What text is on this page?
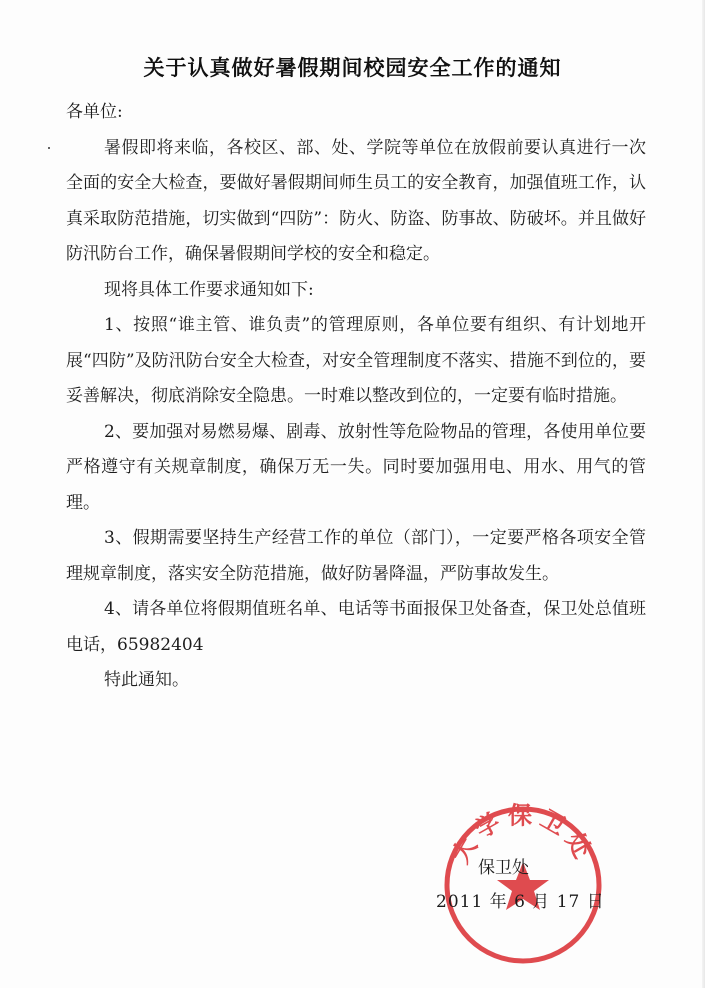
关于认真做好暑假期间校园安全工作的通知

各单位:

暑假即将来临，各校区、部、处、学院等单位在放假前要认真进行一次全面的安全大检查，要做好暑假期间师生员工的安全教育，加强值班工作，认真采取防范措施，切实做到“四防”：防火、防盗、防事故、防破坏。并且做好防汛防台工作，确保暑假期间学校的安全和稳定。

现将具体工作要求通知如下:

1、按照“谁主管、谁负责”的管理原则，各单位要有组织、有计划地开展“四防”及防汛防台安全大检查，对安全管理制度不落实、措施不到位的，要妥善解决，彻底消除安全隐患。一时难以整改到位的，一定要有临时措施。

2、要加强对易燃易爆、剧毒、放射性等危险物品的管理，各使用单位要严格遵守有关规章制度，确保万无一失。同时要加强用电、用水、用气的管理。

3、假期需要坚持生产经营工作的单位（部门），一定要严格各项安全管理规章制度，落实安全防范措施，做好防暑降温，严防事故发生。

4、请各单位将假期值班名单、电话等书面报保卫处备查，保卫处总值班电话，65982404

特此通知。

大学保卫处
保卫处
2011 年 6 月 17 日
